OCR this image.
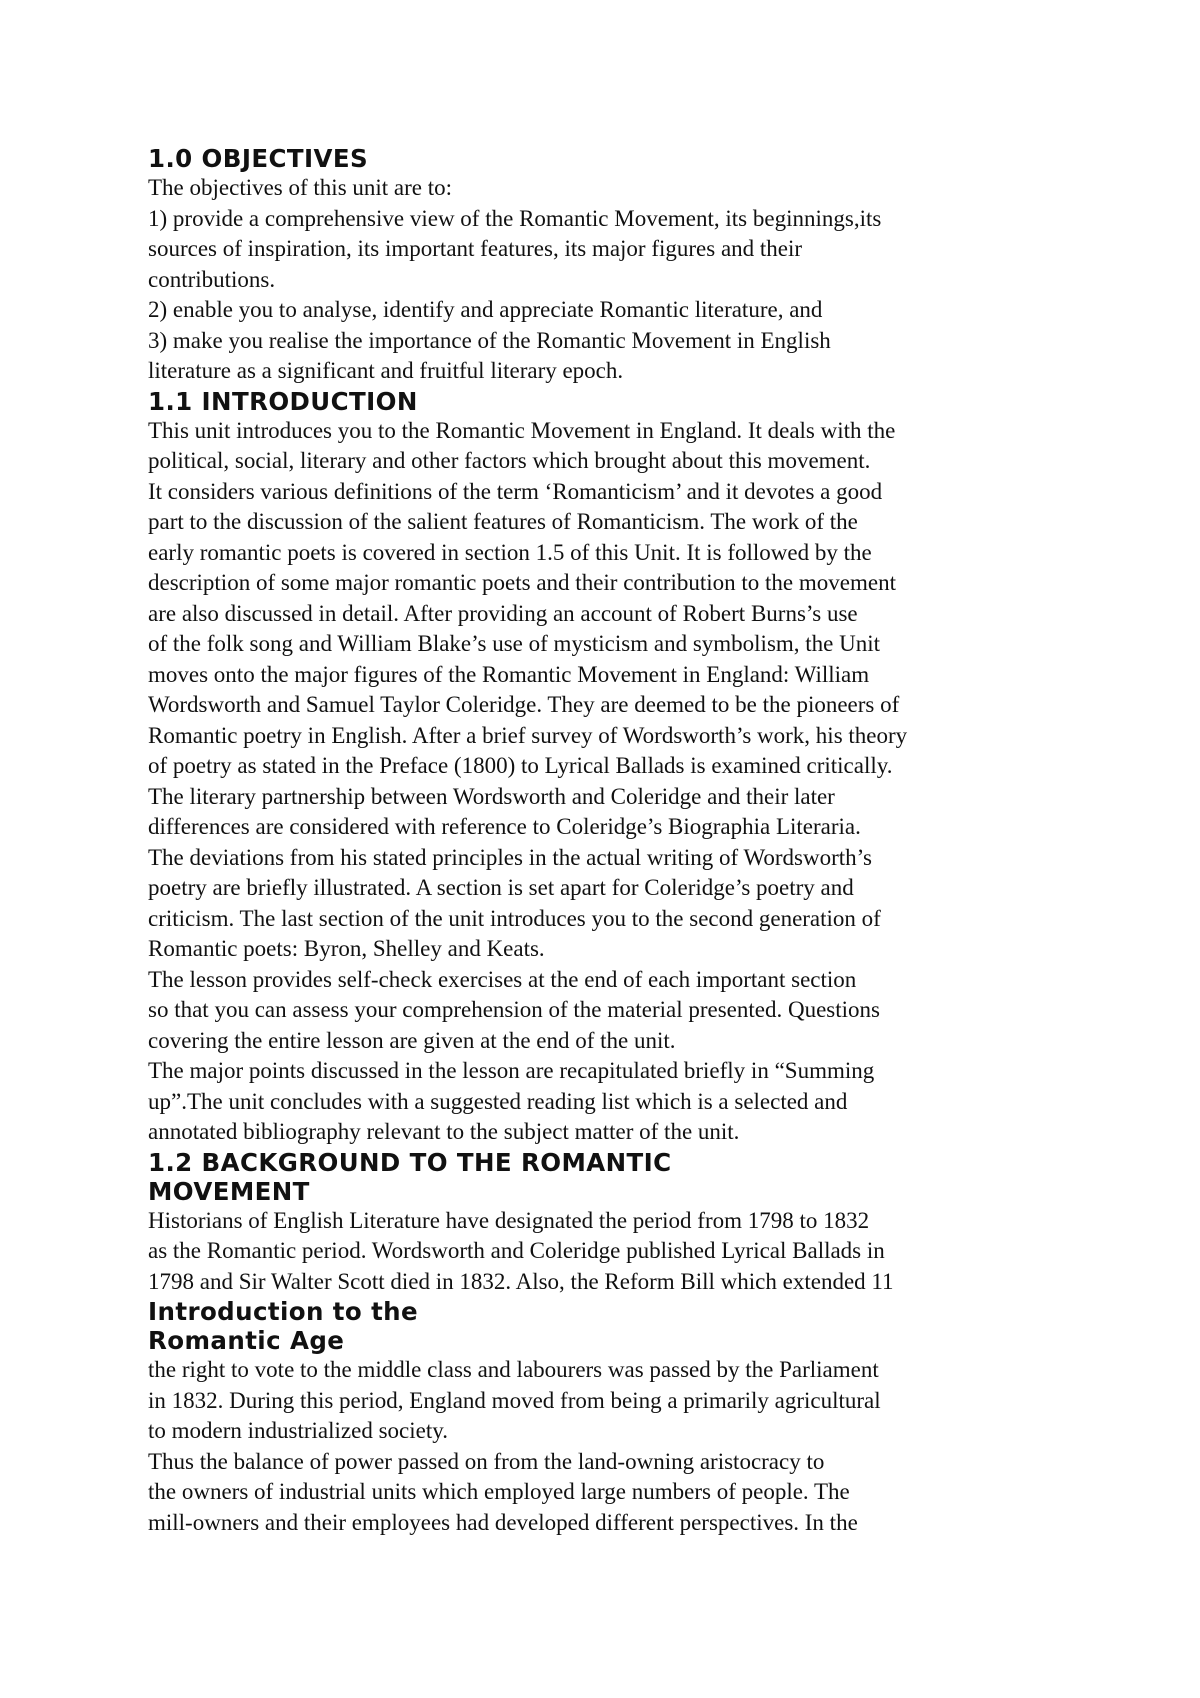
1.0 OBJECTIVES
The objectives of this unit are to:
1) provide a comprehensive view of the Romantic Movement, its beginnings,its
sources of inspiration, its important features, its major figures and their
contributions.
2) enable you to analyse, identify and appreciate Romantic literature, and
3) make you realise the importance of the Romantic Movement in English
literature as a significant and fruitful literary epoch.
1.1 INTRODUCTION
This unit introduces you to the Romantic Movement in England. It deals with the
political, social, literary and other factors which brought about this movement.
It considers various definitions of the term ‘Romanticism’ and it devotes a good
part to the discussion of the salient features of Romanticism. The work of the
early romantic poets is covered in section 1.5 of this Unit. It is followed by the
description of some major romantic poets and their contribution to the movement
are also discussed in detail. After providing an account of Robert Burns’s use
of the folk song and William Blake’s use of mysticism and symbolism, the Unit
moves onto the major figures of the Romantic Movement in England: William
Wordsworth and Samuel Taylor Coleridge. They are deemed to be the pioneers of
Romantic poetry in English. After a brief survey of Wordsworth’s work, his theory
of poetry as stated in the Preface (1800) to Lyrical Ballads is examined critically.
The literary partnership between Wordsworth and Coleridge and their later
differences are considered with reference to Coleridge’s Biographia Literaria.
The deviations from his stated principles in the actual writing of Wordsworth’s
poetry are briefly illustrated. A section is set apart for Coleridge’s poetry and
criticism. The last section of the unit introduces you to the second generation of
Romantic poets: Byron, Shelley and Keats.
The lesson provides self-check exercises at the end of each important section
so that you can assess your comprehension of the material presented. Questions
covering the entire lesson are given at the end of the unit.
The major points discussed in the lesson are recapitulated briefly in “Summing
up”.The unit concludes with a suggested reading list which is a selected and
annotated bibliography relevant to the subject matter of the unit.
1.2 BACKGROUND TO THE ROMANTIC
MOVEMENT
Historians of English Literature have designated the period from 1798 to 1832
as the Romantic period. Wordsworth and Coleridge published Lyrical Ballads in
1798 and Sir Walter Scott died in 1832. Also, the Reform Bill which extended 11
Introduction to the
Romantic Age
the right to vote to the middle class and labourers was passed by the Parliament
in 1832. During this period, England moved from being a primarily agricultural
to modern industrialized society.
Thus the balance of power passed on from the land-owning aristocracy to
the owners of industrial units which employed large numbers of people. The
mill-owners and their employees had developed different perspectives. In the
